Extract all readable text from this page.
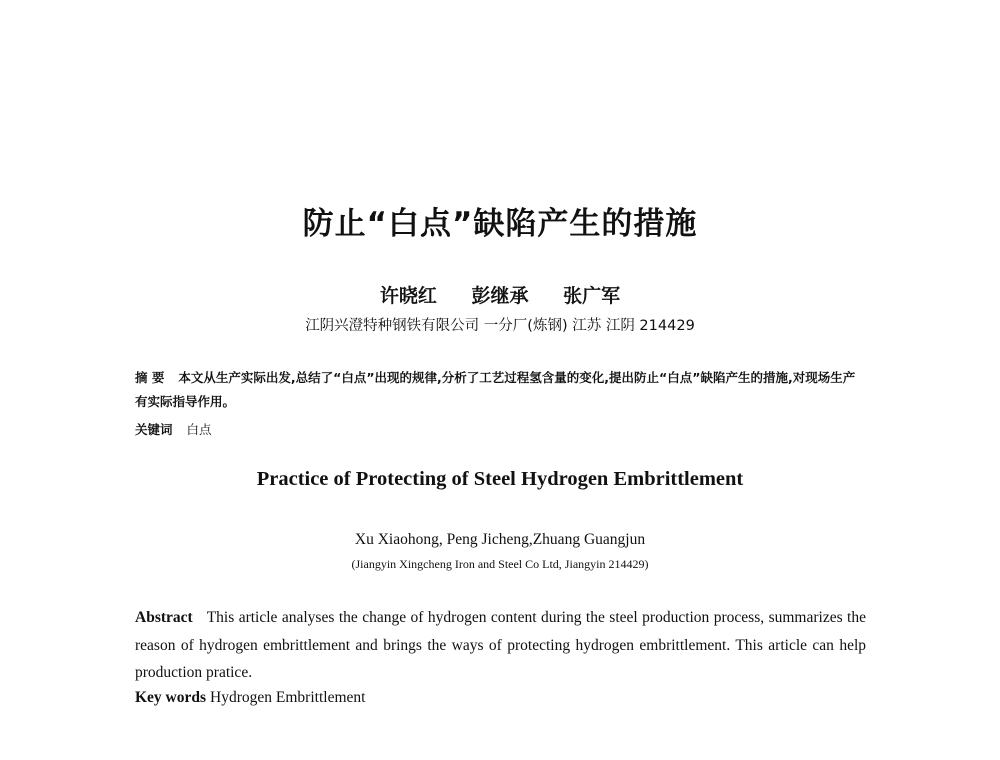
防止“白点”缺陷产生的措施
许晓红 彭继承 张广军
江阴兴澄特种钢铁有限公司 一分厂(炼钢) 江苏 江阴 214429
摘 要 本文从生产实际出发,总结了“白点”出现的规律,分析了工艺过程氢含量的变化,提出防止“白点”缺陷产生的措施,对现场生产有实际指导作用。
关键词 白点
Practice of Protecting of Steel Hydrogen Embrittlement
Xu Xiaohong, Peng Jicheng,Zhuang Guangjun
(Jiangyin Xingcheng Iron and Steel Co Ltd, Jiangyin 214429)
Abstract This article analyses the change of hydrogen content during the steel production process, summarizes the reason of hydrogen embrittlement and brings the ways of protecting hydrogen embrittlement. This article can help production pratice.
Key words Hydrogen Embrittlement
